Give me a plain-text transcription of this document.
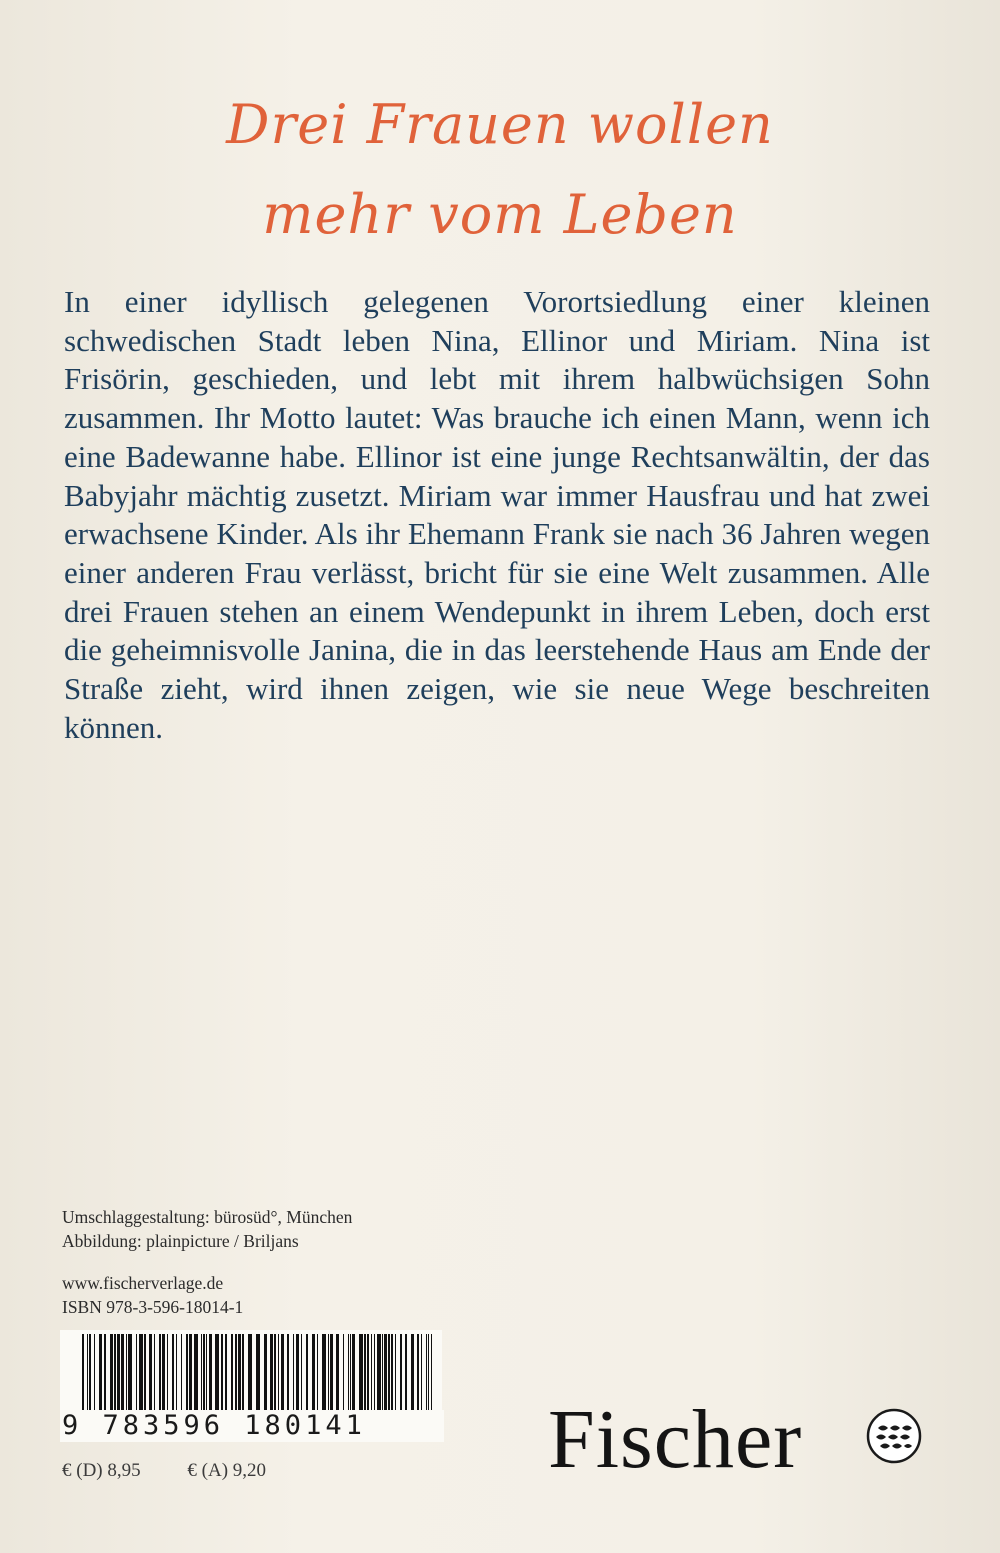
Drei Frauen wollen
mehr vom Leben

In einer idyllisch gelegenen Vorortsiedlung einer kleinen schwedischen Stadt leben Nina, Ellinor und Miriam. Nina ist Frisörin, geschieden, und lebt mit ihrem halbwüchsigen Sohn zusammen. Ihr Motto lautet: Was brauche ich einen Mann, wenn ich eine Badewanne habe. Ellinor ist eine junge Rechtsanwältin, der das Babyjahr mächtig zusetzt. Miriam war immer Hausfrau und hat zwei erwachsene Kinder. Als ihr Ehemann Frank sie nach 36 Jahren wegen einer anderen Frau verlässt, bricht für sie eine Welt zusammen. Alle drei Frauen stehen an einem Wendepunkt in ihrem Leben, doch erst die geheimnisvolle Janina, die in das leerstehende Haus am Ende der Straße zieht, wird ihnen zeigen, wie sie neue Wege beschreiten können.

Umschlaggestaltung: bürosüd°, München
Abbildung: plainpicture / Briljans
www.fischerverlage.de
ISBN 978-3-596-18014-1
9 783596 180141
€ (D) 8,95 € (A) 9,20	Fischer
